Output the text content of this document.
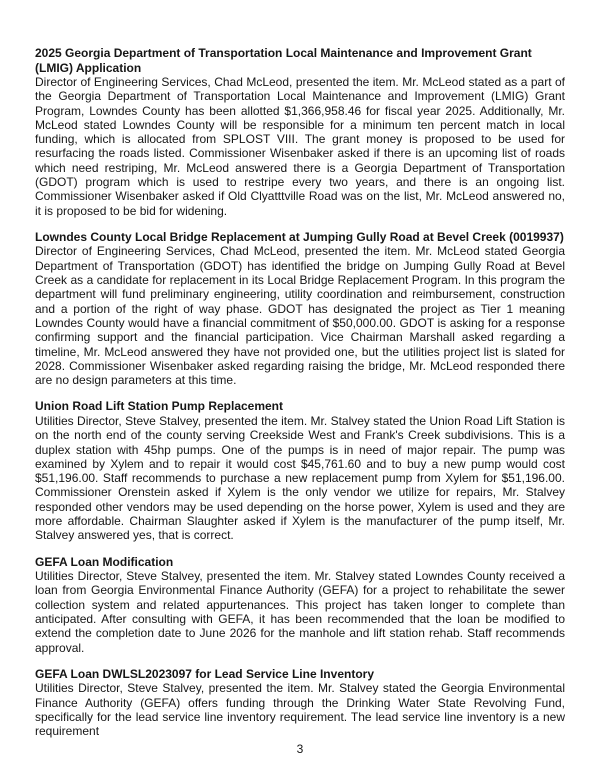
2025 Georgia Department of Transportation Local Maintenance and Improvement Grant (LMIG) Application

Director of Engineering Services, Chad McLeod, presented the item. Mr. McLeod stated as a part of the Georgia Department of Transportation Local Maintenance and Improvement (LMIG) Grant Program, Lowndes County has been allotted $1,366,958.46 for fiscal year 2025. Additionally, Mr. McLeod stated Lowndes County will be responsible for a minimum ten percent match in local funding, which is allocated from SPLOST VIII. The grant money is proposed to be used for resurfacing the roads listed. Commissioner Wisenbaker asked if there is an upcoming list of roads which need restriping, Mr. McLeod answered there is a Georgia Department of Transportation (GDOT) program which is used to restripe every two years, and there is an ongoing list. Commissioner Wisenbaker asked if Old Clyatttville Road was on the list, Mr. McLeod answered no, it is proposed to be bid for widening.

Lowndes County Local Bridge Replacement at Jumping Gully Road at Bevel Creek (0019937)

Director of Engineering Services, Chad McLeod, presented the item. Mr. McLeod stated Georgia Department of Transportation (GDOT) has identified the bridge on Jumping Gully Road at Bevel Creek as a candidate for replacement in its Local Bridge Replacement Program. In this program the department will fund preliminary engineering, utility coordination and reimbursement, construction and a portion of the right of way phase. GDOT has designated the project as Tier 1 meaning Lowndes County would have a financial commitment of $50,000.00. GDOT is asking for a response confirming support and the financial participation. Vice Chairman Marshall asked regarding a timeline, Mr. McLeod answered they have not provided one, but the utilities project list is slated for 2028. Commissioner Wisenbaker asked regarding raising the bridge, Mr. McLeod responded there are no design parameters at this time.

Union Road Lift Station Pump Replacement

Utilities Director, Steve Stalvey, presented the item. Mr. Stalvey stated the Union Road Lift Station is on the north end of the county serving Creekside West and Frank's Creek subdivisions. This is a duplex station with 45hp pumps. One of the pumps is in need of major repair. The pump was examined by Xylem and to repair it would cost $45,761.60 and to buy a new pump would cost $51,196.00. Staff recommends to purchase a new replacement pump from Xylem for $51,196.00. Commissioner Orenstein asked if Xylem is the only vendor we utilize for repairs, Mr. Stalvey responded other vendors may be used depending on the horse power, Xylem is used and they are more affordable. Chairman Slaughter asked if Xylem is the manufacturer of the pump itself, Mr. Stalvey answered yes, that is correct.

GEFA Loan Modification

Utilities Director, Steve Stalvey, presented the item. Mr. Stalvey stated Lowndes County received a loan from Georgia Environmental Finance Authority (GEFA) for a project to rehabilitate the sewer collection system and related appurtenances. This project has taken longer to complete than anticipated. After consulting with GEFA, it has been recommended that the loan be modified to extend the completion date to June 2026 for the manhole and lift station rehab. Staff recommends approval.

GEFA Loan DWLSL2023097 for Lead Service Line Inventory

Utilities Director, Steve Stalvey, presented the item. Mr. Stalvey stated the Georgia Environmental Finance Authority (GEFA) offers funding through the Drinking Water State Revolving Fund, specifically for the lead service line inventory requirement. The lead service line inventory is a new requirement

3
